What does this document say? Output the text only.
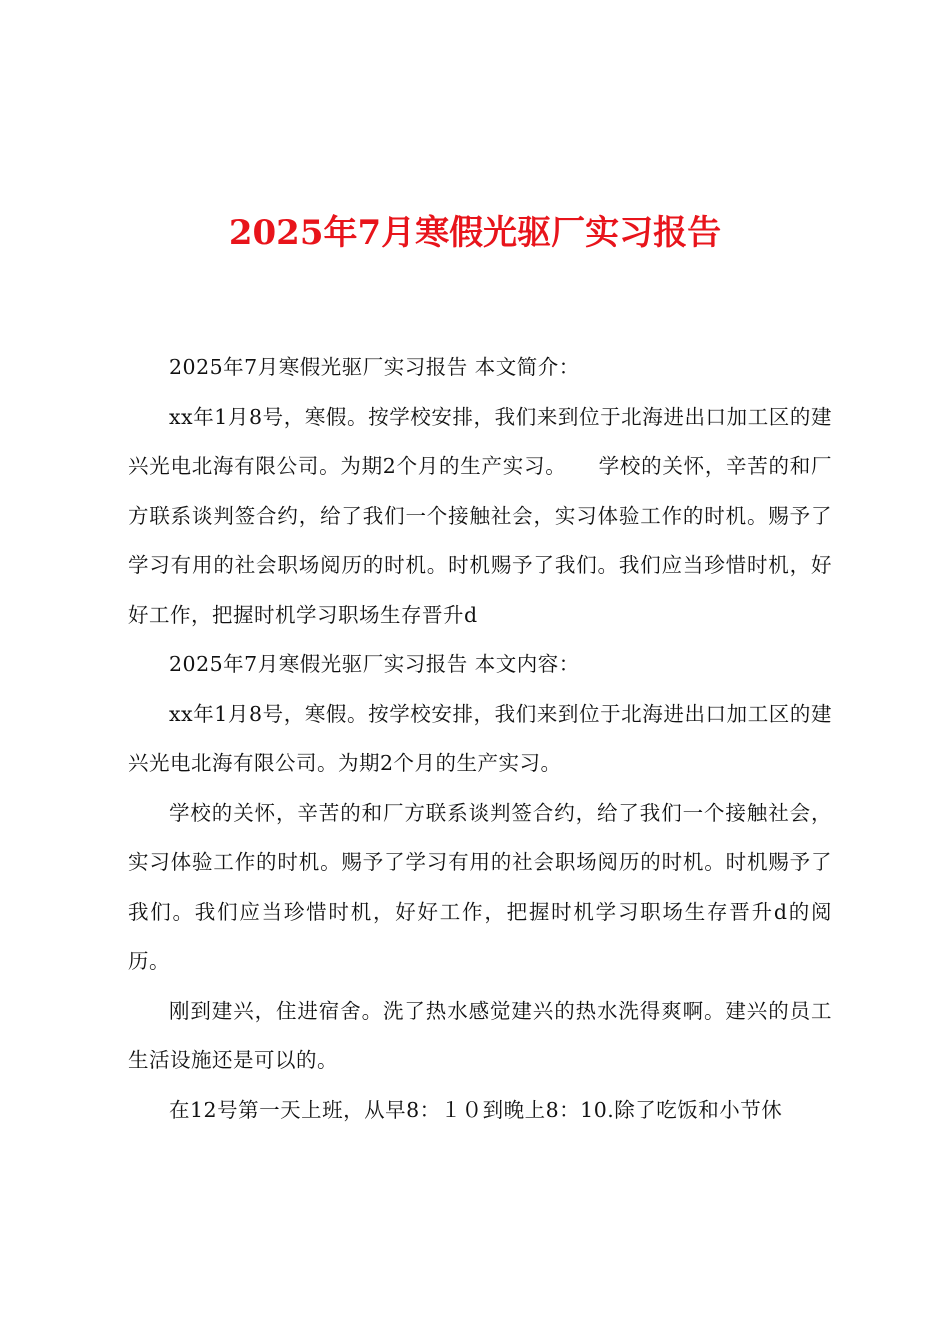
2025年7月寒假光驱厂实习报告

2025年7月寒假光驱厂实习报告 本文简介：

xx年1月8号，寒假。按学校安排，我们来到位于北海进出口加工区的建兴光电北海有限公司。为期2个月的生产实习。　　学校的关怀，辛苦的和厂方联系谈判签合约，给了我们一个接触社会，实习体验工作的时机。赐予了学习有用的社会职场阅历的时机。时机赐予了我们。我们应当珍惜时机，好好工作，把握时机学习职场生存晋升d

2025年7月寒假光驱厂实习报告 本文内容：

xx年1月8号，寒假。按学校安排，我们来到位于北海进出口加工区的建兴光电北海有限公司。为期2个月的生产实习。

学校的关怀，辛苦的和厂方联系谈判签合约，给了我们一个接触社会，实习体验工作的时机。赐予了学习有用的社会职场阅历的时机。时机赐予了我们。我们应当珍惜时机，好好工作，把握时机学习职场生存晋升d的阅历。

刚到建兴，住进宿舍。洗了热水感觉建兴的热水洗得爽啊。建兴的员工生活设施还是可以的。

在12号第一天上班，从早8：１０到晚上8：10.除了吃饭和小节休
